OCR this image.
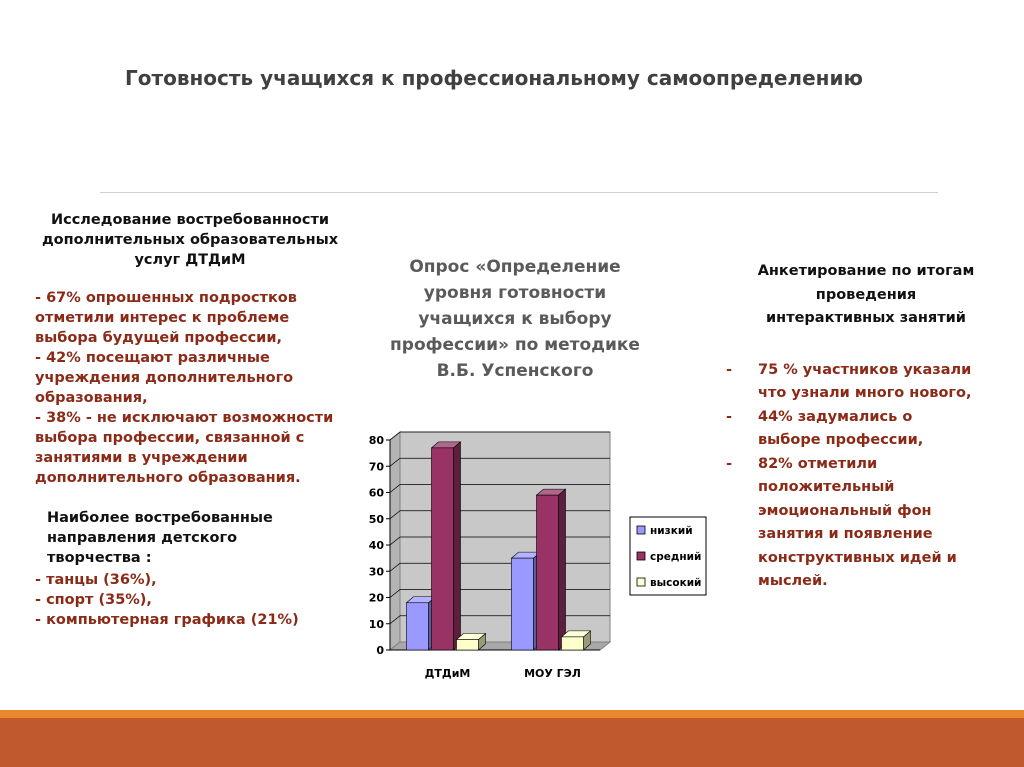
Готовность учащихся к профессиональному самоопределению
Исследование востребованности
дополнительных образовательных
услуг ДТДиМ
- 67% опрошенных подростков
отметили интерес к проблеме
выбора будущей профессии,
- 42% посещают различные
учреждения дополнительного
образования,
- 38% - не исключают возможности
выбора профессии, связанной с
занятиями в учреждении
дополнительного образования.
Наиболее востребованные
направления детского
творчества :
- танцы (36%),
- спорт (35%),
- компьютерная графика (21%)
Опрос «Определение
уровня готовности
учащихся к выбору
профессии» по методике
В.Б. Успенского
0
10
20
30
40
50
60
70
80
ДТДиМ	МОУ ГЭЛ
низкий
средний
высокий
Анкетирование по итогам
проведения
интерактивных занятий
-	75 % участников указали
что узнали много нового,
-	44% задумались о
выборе профессии,
-	82% отметили
положительный
эмоциональный фон
занятия и появление
конструктивных идей и
мыслей.
